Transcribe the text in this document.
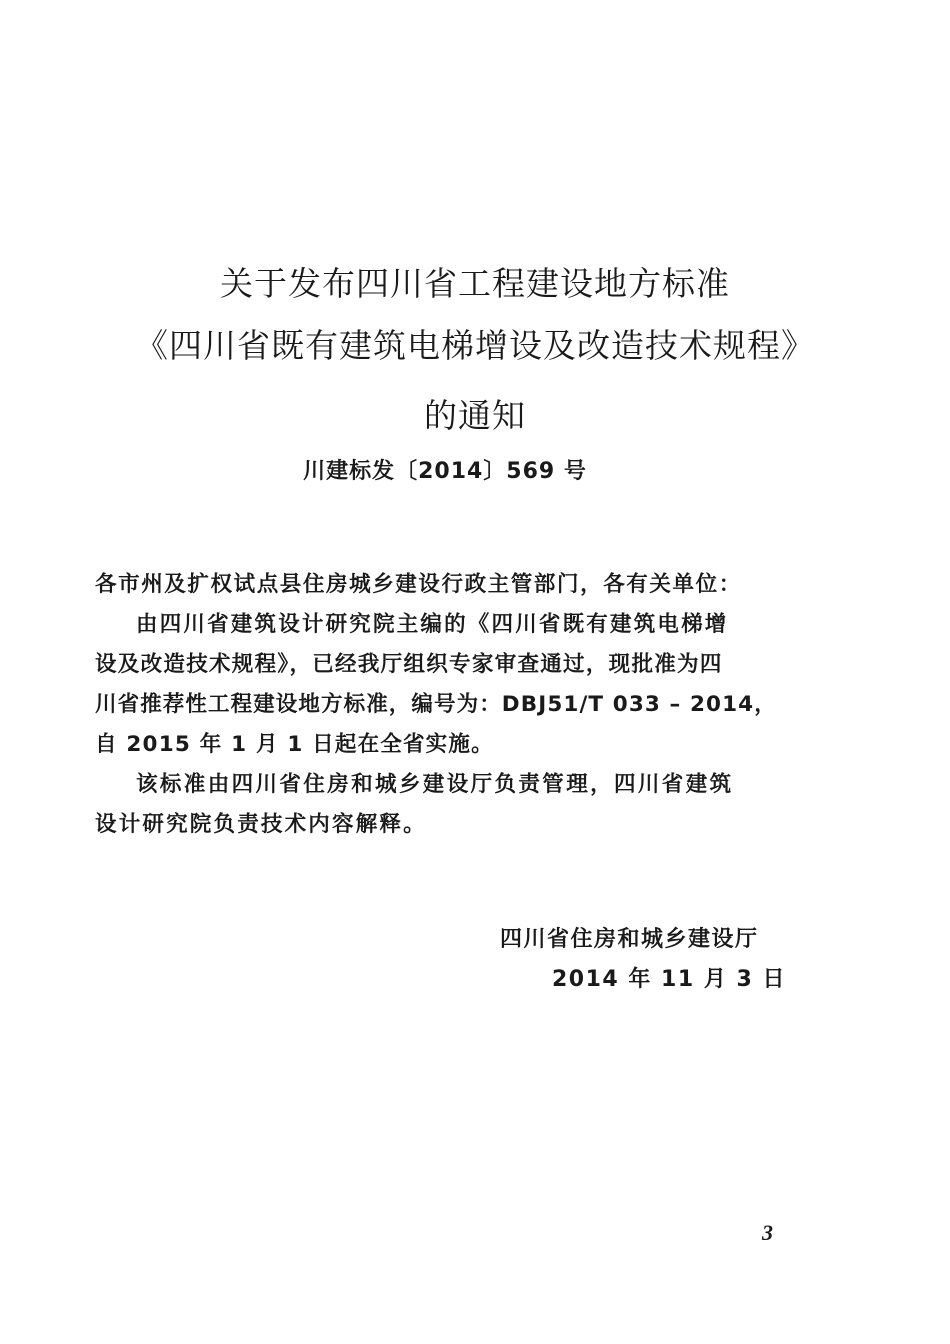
关于发布四川省工程建设地方标准
《四川省既有建筑电梯增设及改造技术规程》
的通知
川建标发〔2014〕569 号
各市州及扩权试点县住房城乡建设行政主管部门，各有关单位：
由四川省建筑设计研究院主编的《四川省既有建筑电梯增
设及改造技术规程》，已经我厅组织专家审查通过，现批准为四
川省推荐性工程建设地方标准，编号为：DBJ51/T 033 – 2014，
自 2015 年 1 月 1 日起在全省实施。
该标准由四川省住房和城乡建设厅负责管理，四川省建筑
设计研究院负责技术内容解释。
四川省住房和城乡建设厅
2014 年 11 月 3 日
3
